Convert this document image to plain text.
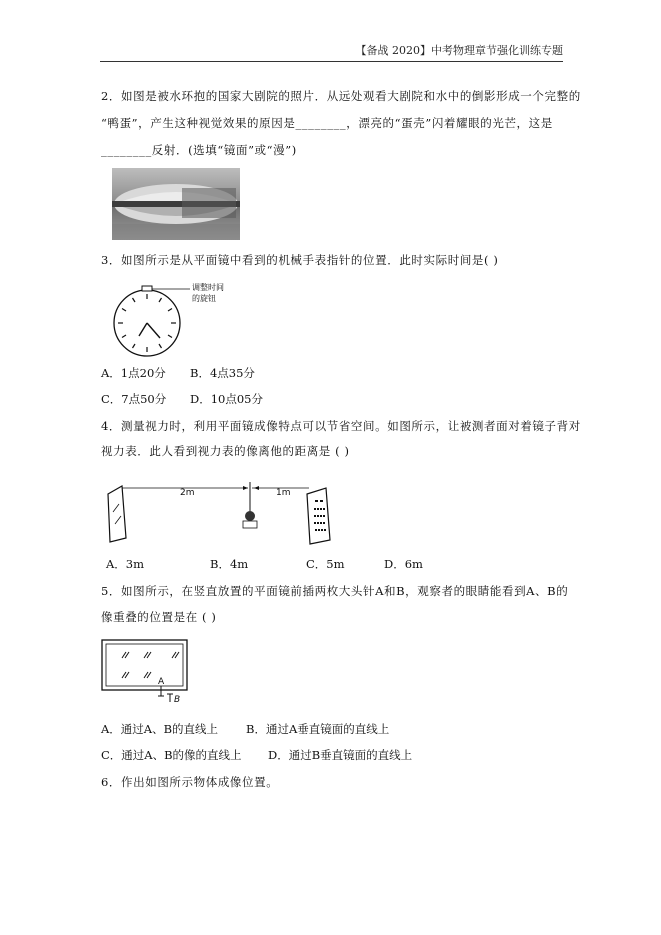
【备战 2020】中考物理章节强化训练专题
2．如图是被水环抱的国家大剧院的照片．从远处观看大剧院和水中的倒影形成一个完整的
“鸭蛋”，产生这种视觉效果的原因是________，漂亮的“蛋壳”闪着耀眼的光芒，这是
________反射．(选填“镜面”或“漫”)
3．如图所示是从平面镜中看到的机械手表指针的位置．此时实际时间是( )
调整时间
的旋钮
A．1点20分 B．4点35分
C．7点50分 D．10点05分
4．测量视力时，利用平面镜成像特点可以节省空间。如图所示，让被测者面对着镜子背对
视力表．此人看到视力表的像离他的距离是 ( )
2m	1m
A．3m	B．4m	C．5m	D．6m
5．如图所示，在竖直放置的平面镜前插两枚大头针A和B，观察者的眼睛能看到A、B的
像重叠的位置是在 ( )
A
B
A．通过A、B的直线上 B．通过A垂直镜面的直线上
C．通过A、B的像的直线上 D．通过B垂直镜面的直线上
6．作出如图所示物体成像位置。
